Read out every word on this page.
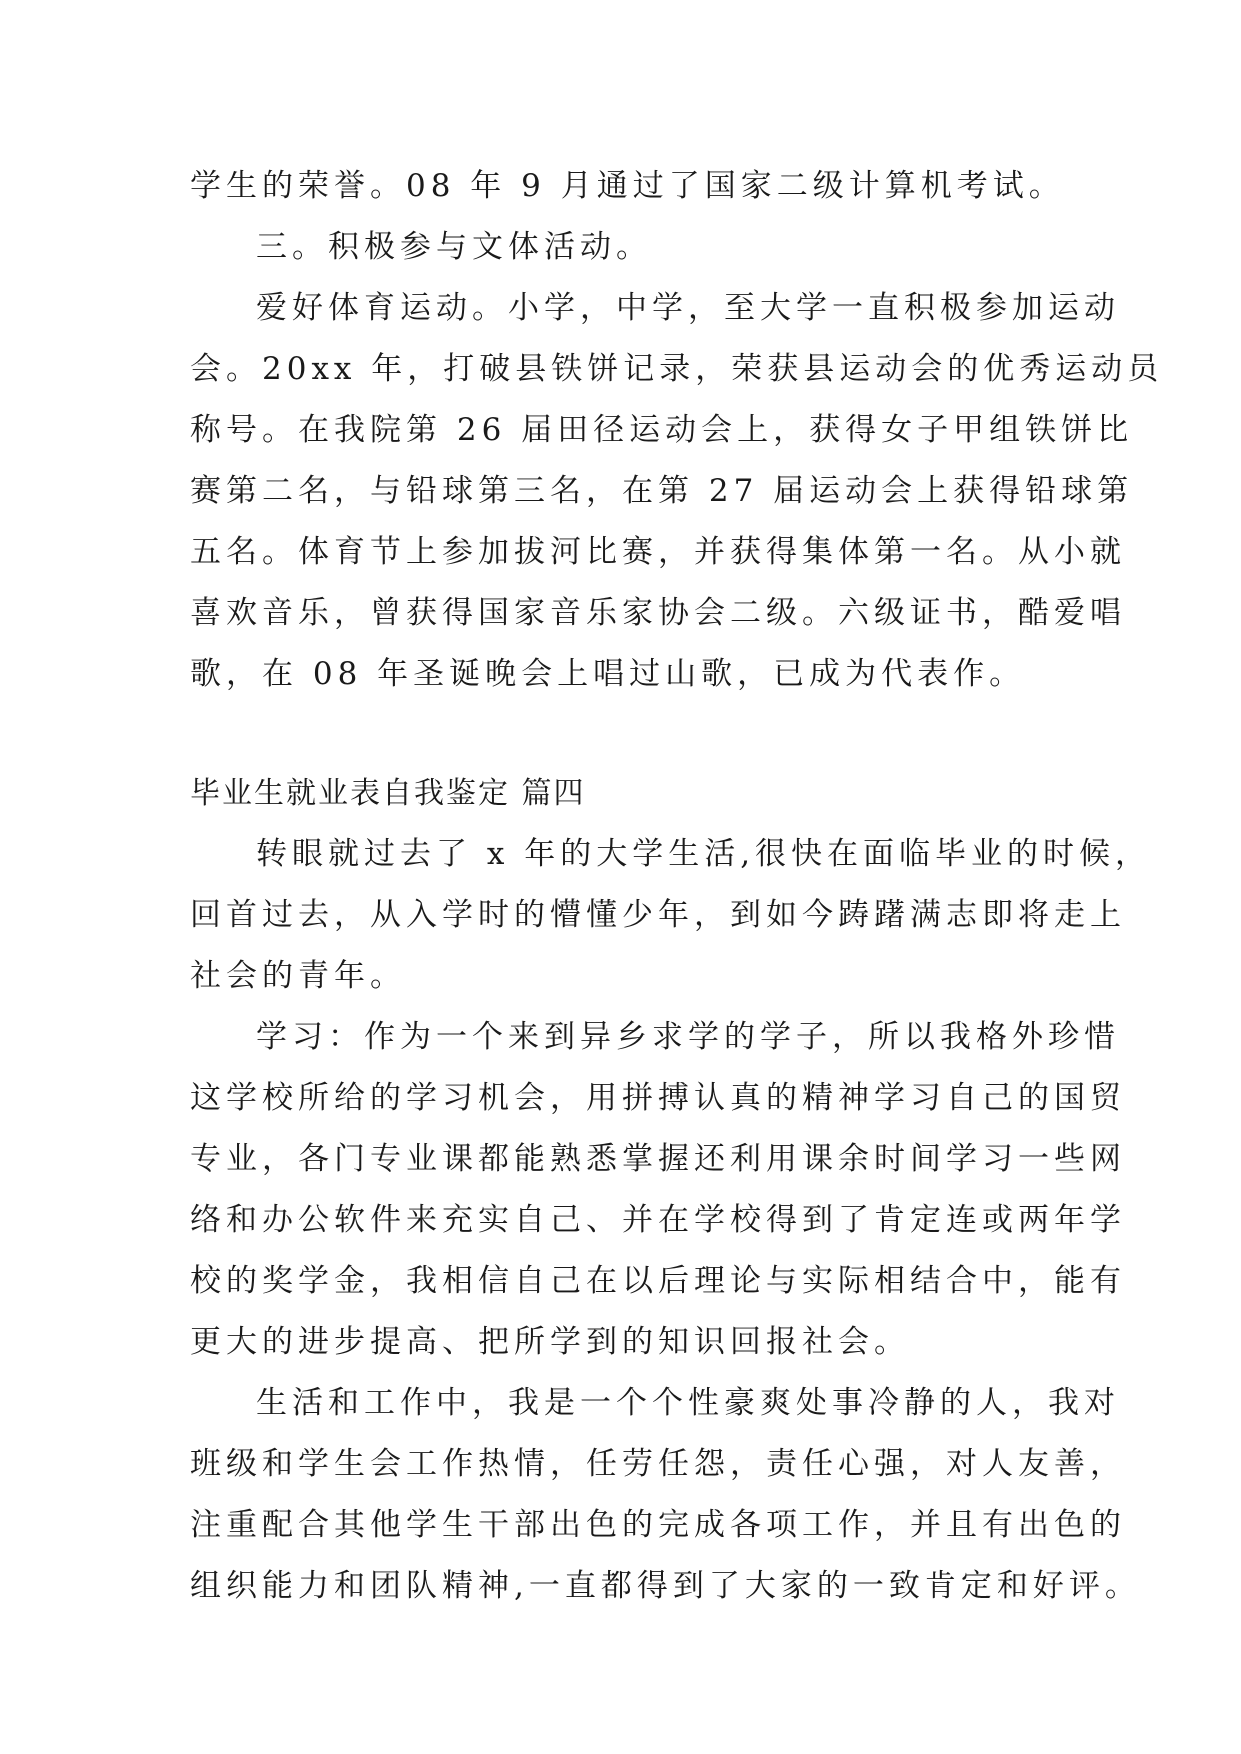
学生的荣誉。08 年 9 月通过了国家二级计算机考试。
三。积极参与文体活动。
爱好体育运动。小学，中学，至大学一直积极参加运动
会。20xx 年，打破县铁饼记录，荣获县运动会的优秀运动员
称号。在我院第 26 届田径运动会上，获得女子甲组铁饼比
赛第二名，与铅球第三名，在第 27 届运动会上获得铅球第
五名。体育节上参加拔河比赛，并获得集体第一名。从小就
喜欢音乐，曾获得国家音乐家协会二级。六级证书，酷爱唱
歌，在 08 年圣诞晚会上唱过山歌，已成为代表作。
毕业生就业表自我鉴定 篇四
转眼就过去了 x 年的大学生活,很快在面临毕业的时候，
回首过去，从入学时的懵懂少年，到如今踌躇满志即将走上
社会的青年。
学习：作为一个来到异乡求学的学子，所以我格外珍惜
这学校所给的学习机会，用拼搏认真的精神学习自己的国贸
专业，各门专业课都能熟悉掌握还利用课余时间学习一些网
络和办公软件来充实自己、并在学校得到了肯定连或两年学
校的奖学金，我相信自己在以后理论与实际相结合中，能有
更大的进步提高、把所学到的知识回报社会。
生活和工作中，我是一个个性豪爽处事冷静的人，我对
班级和学生会工作热情，任劳任怨，责任心强，对人友善，
注重配合其他学生干部出色的完成各项工作，并且有出色的
组织能力和团队精神,一直都得到了大家的一致肯定和好评。
